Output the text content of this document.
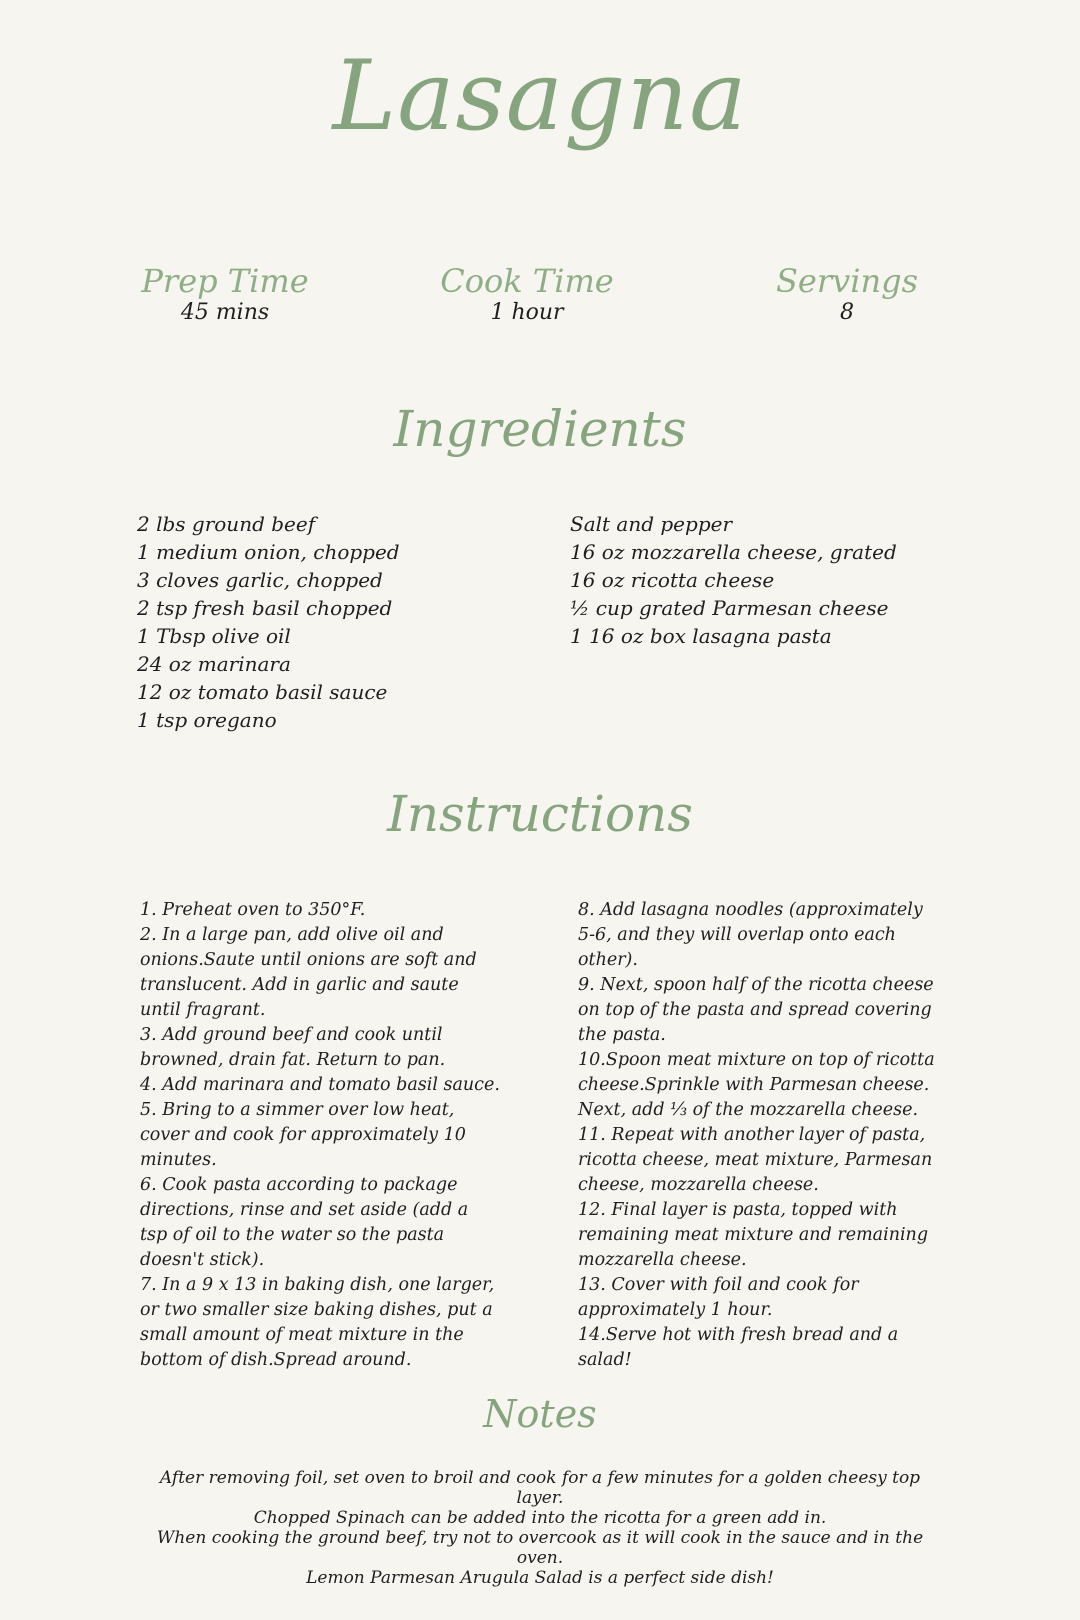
Lasagna
Prep Time
45 mins
Cook Time
1 hour
Servings
8
Ingredients
2 lbs ground beef
1 medium onion, chopped
3 cloves garlic, chopped
2 tsp fresh basil chopped
1 Tbsp olive oil
24 oz marinara
12 oz tomato basil sauce
1 tsp oregano
Salt and pepper
16 oz mozzarella cheese, grated
16 oz ricotta cheese
½ cup grated Parmesan cheese
1 16 oz box lasagna pasta
Instructions
1. Preheat oven to 350°F.
2. In a large pan, add olive oil and onions.Saute until onions are soft and translucent. Add in garlic and saute until fragrant.
3. Add ground beef and cook until browned, drain fat. Return to pan.
4. Add marinara and tomato basil sauce.
5. Bring to a simmer over low heat, cover and cook for approximately 10 minutes.
6. Cook pasta according to package directions, rinse and set aside (add a tsp of oil to the water so the pasta doesn't stick).
7. In a 9 x 13 in baking dish, one larger, or two smaller size baking dishes, put a small amount of meat mixture in the bottom of dish.Spread around.
8. Add lasagna noodles (approximately 5-6, and they will overlap onto each other).
9. Next, spoon half of the ricotta cheese on top of the pasta and spread covering the pasta.
10.Spoon meat mixture on top of ricotta cheese.Sprinkle with Parmesan cheese. Next, add ⅓ of the mozzarella cheese.
11. Repeat with another layer of pasta, ricotta cheese, meat mixture, Parmesan cheese, mozzarella cheese.
12. Final layer is pasta, topped with remaining meat mixture and remaining mozzarella cheese.
13. Cover with foil and cook for approximately 1 hour.
14.Serve hot with fresh bread and a salad!
Notes
After removing foil, set oven to broil and cook for a few minutes for a golden cheesy top layer.
Chopped Spinach can be added into the ricotta for a green add in.
When cooking the ground beef, try not to overcook as it will cook in the sauce and in the oven.
Lemon Parmesan Arugula Salad is a perfect side dish!
